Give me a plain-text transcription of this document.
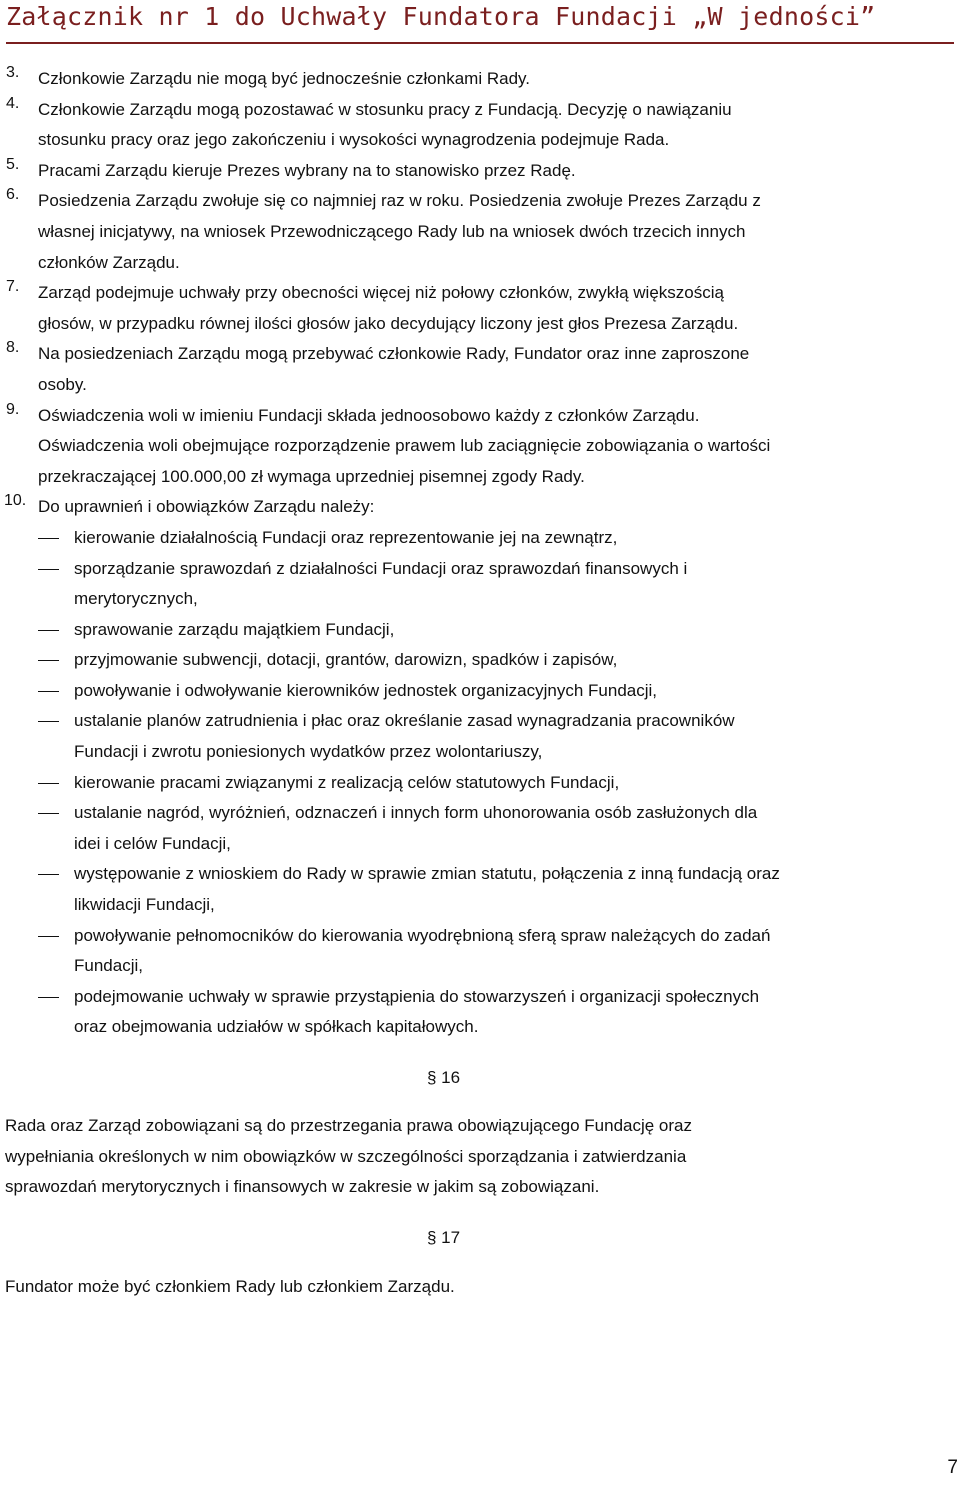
Załącznik nr 1 do Uchwały Fundatora Fundacji „W jedności”
3. Członkowie Zarządu nie mogą być jednocześnie członkami Rady.
4. Członkowie Zarządu mogą pozostawać w stosunku pracy z Fundacją. Decyzję o nawiązaniu
stosunku pracy oraz jego zakończeniu i wysokości wynagrodzenia podejmuje Rada.
5. Pracami Zarządu kieruje Prezes wybrany na to stanowisko przez Radę.
6. Posiedzenia Zarządu zwołuje się co najmniej raz w roku. Posiedzenia zwołuje Prezes Zarządu z
własnej inicjatywy, na wniosek Przewodniczącego Rady lub na wniosek dwóch trzecich innych
członków Zarządu.
7. Zarząd podejmuje uchwały przy obecności więcej niż połowy członków, zwykłą większością
głosów, w przypadku równej ilości głosów jako decydujący liczony jest głos Prezesa Zarządu.
8. Na posiedzeniach Zarządu mogą przebywać członkowie Rady, Fundator oraz inne zaproszone
osoby.
9. Oświadczenia woli w imieniu Fundacji składa jednoosobowo każdy z członków Zarządu.
Oświadczenia woli obejmujące rozporządzenie prawem lub zaciągnięcie zobowiązania o wartości
przekraczającej 100.000,00 zł wymaga uprzedniej pisemnej zgody Rady.
10. Do uprawnień i obowiązków Zarządu należy:
kierowanie działalnością Fundacji oraz reprezentowanie jej na zewnątrz,
sporządzanie sprawozdań z działalności Fundacji oraz sprawozdań finansowych i
merytorycznych,
sprawowanie zarządu majątkiem Fundacji,
przyjmowanie subwencji, dotacji, grantów, darowizn, spadków i zapisów,
powoływanie i odwoływanie kierowników jednostek organizacyjnych Fundacji,
ustalanie planów zatrudnienia i płac oraz określanie zasad wynagradzania pracowników
Fundacji i zwrotu poniesionych wydatków przez wolontariuszy,
kierowanie pracami związanymi z realizacją celów statutowych Fundacji,
ustalanie nagród, wyróżnień, odznaczeń i innych form uhonorowania osób zasłużonych dla
idei i celów Fundacji,
występowanie z wnioskiem do Rady w sprawie zmian statutu, połączenia z inną fundacją oraz
likwidacji Fundacji,
powoływanie pełnomocników do kierowania wyodrębnioną sferą spraw należących do zadań
Fundacji,
podejmowanie uchwały w sprawie przystąpienia do stowarzyszeń i organizacji społecznych
oraz obejmowania udziałów w spółkach kapitałowych.
§ 16
Rada oraz Zarząd zobowiązani są do przestrzegania prawa obowiązującego Fundację oraz
wypełniania określonych w nim obowiązków w szczególności sporządzania i zatwierdzania
sprawozdań merytorycznych i finansowych w zakresie w jakim są zobowiązani.
§ 17
Fundator może być członkiem Rady lub członkiem Zarządu.
7
